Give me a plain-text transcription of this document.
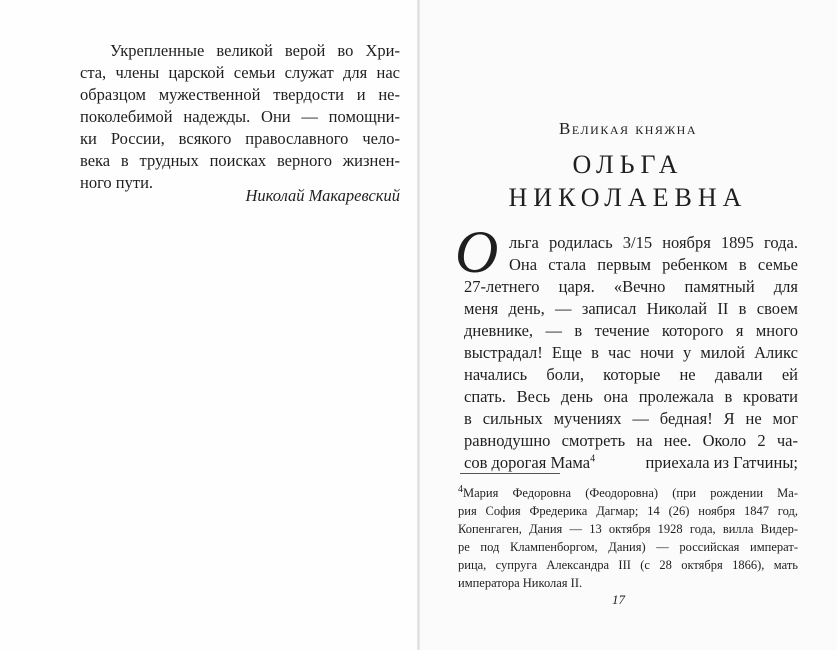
Укрепленные великой верой во Хри-
ста, члены царской семьи служат для нас
образцом мужественной твердости и не-
поколебимой надежды. Они — помощни-
ки России, всякого православного чело-
века в трудных поисках верного жизнен-
ного пути.
Николай Макаревский
Великая княжна
ОЛЬГА
НИКОЛАЕВНА
О льга родилась 3/15 ноября 1895 года.
Она стала первым ребенком в семье
27-летнего царя. «Вечно памятный для
меня день, — записал Николай II в своем
дневнике, — в течение которого я много
выстрадал! Еще в час ночи у милой Аликс
начались боли, которые не давали ей
спать. Весь день она пролежала в кровати
в сильных мучениях — бедная! Я не мог
равнодушно смотреть на нее. Около 2 ча-
сов дорогая Мама$^4$	приехала из Гатчины;
$^4$Мария Федоровна (Феодоровна) (при рождении Ма-
рия София Фредерика Дагмар; 14 (26) ноября 1847 год,
Копенгаген, Дания — 13 октября 1928 года, вилла Видер-
ре под Клампенборгом, Дания) — российская императ-
рица, супруга Александра III (с 28 октября 1866), мать
императора Николая II.
17
